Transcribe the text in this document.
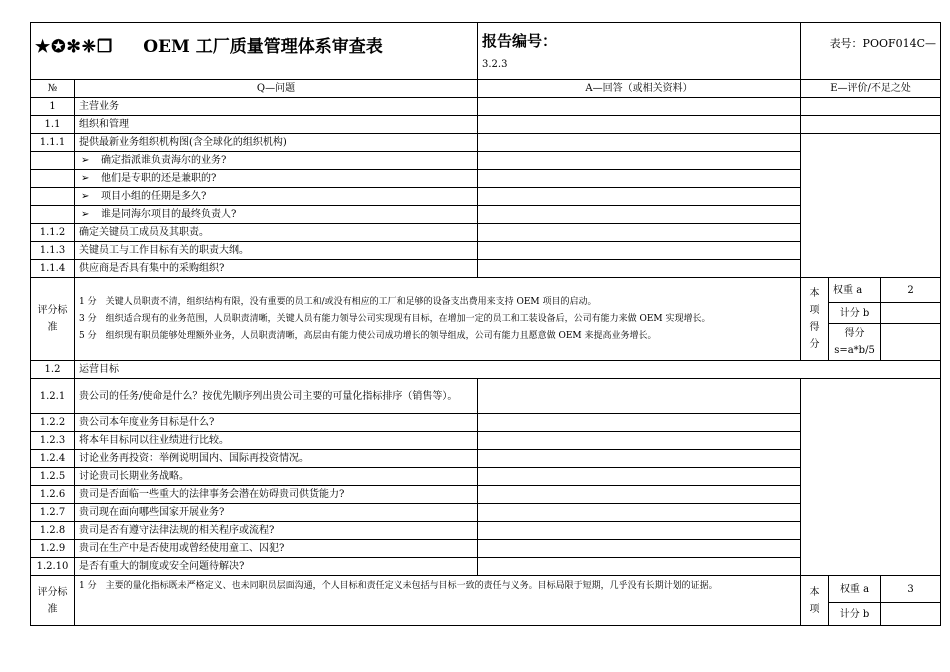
★✪✻❈❒ OEM 工厂质量管理体系审查表		报告编号：
3.2.3	表号：POOF014C—		
№	Q—问题	A—回答（或相关资料）	E—评价/不足之处		
1	主营业务				
1.1	组织和管理				
1.1.1	提供最新业务组织机构图(含全球化的组织机构)				
	➢ 确定指派谁负责海尔的业务?	
	➢ 他们是专职的还是兼职的?	
	➢ 项目小组的任期是多久?	
	➢ 谁是同海尔项目的最终负责人?	
1.1.2	确定关键员工成员及其职责。				
1.1.3	关键员工与工作目标有关的职责大纲。				
1.1.4	供应商是否具有集中的采购组织?				
评分标准	1 分　关键人员职责不清，组织结构有限，没有重要的员工和/或没有相应的工厂和足够的设备支出费用来支持 OEM 项目的启动。
3 分　组织适合现有的业务范围，人员职责清晰，关键人员有能力领导公司实现现有目标，在增加一定的员工和工装设备后，公司有能力来做 OEM 实现增长。
5 分　组织现有职员能够处理额外业务，人员职责清晰，高层由有能力使公司成功增长的领导组成，公司有能力且愿意做 OEM 来提高业务增长。		本项得分	权重 a	2
				计分 b	
				得分 s=a*b/5	
1.2	运营目标				
1.2.1	贵公司的任务/使命是什么？按优先顺序列出贵公司主要的可量化指标排序（销售等）。				
1.2.2	贵公司本年度业务目标是什么?				
1.2.3	将本年目标同以往业绩进行比较。				
1.2.4	讨论业务再投资：举例说明国内、国际再投资情况。				
1.2.5	讨论贵司长期业务战略。				
1.2.6	贵司是否面临一些重大的法律事务会潜在妨碍贵司供货能力?				
1.2.7	贵司现在面向哪些国家开展业务?				
1.2.8	贵司是否有遵守法律法规的相关程序或流程?				
1.2.9	贵司在生产中是否使用或曾经使用童工、囚犯?				
1.2.10	是否有重大的制度或安全问题待解决?				
评分标准	1 分　主要的量化指标既未严格定义、也未同职员层面沟通，个人目标和责任定义未包括与目标一致的责任与义务。目标局限于短期，几乎没有长期计划的证据。		本项	权重 a	3
				计分 b	
